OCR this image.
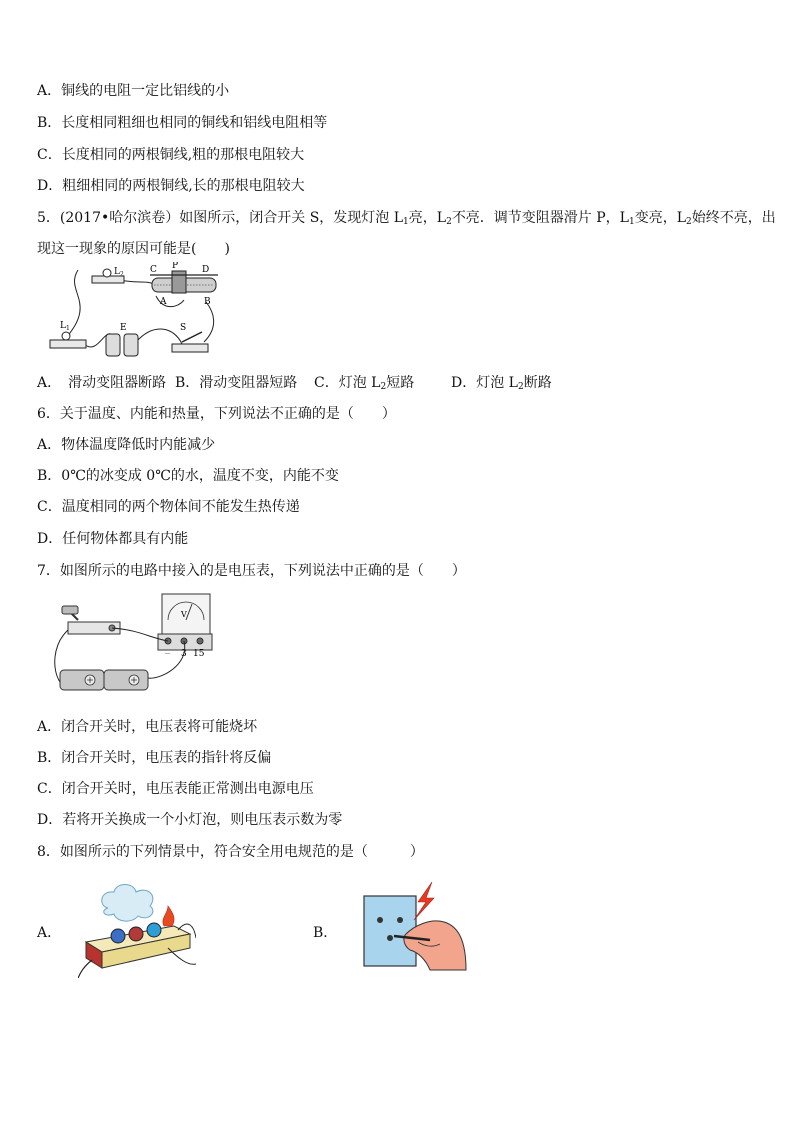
A．铜线的电阻一定比铝线的小
B．长度相同粗细也相同的铜线和铝线电阻相等
C．长度相同的两根铜线,粗的那根电阻较大
D．粗细相同的两根铜线,长的那根电阻较大
5．(2017•哈尔滨卷）如图所示，闭合开关 S，发现灯泡 $L_1$亮，$L_2$不亮．调节变阻器滑片 P，$L_1$变亮，$L_2$始终不亮，出
现这一现象的原因可能是(　　)
$L_2$	C P	D
A	B
$L_1$	E	S
A．　滑动变阻器断路 B．滑动变阻器短路 C．灯泡 $L_2$短路	D．灯泡 $L_2$断路
6．关于温度、内能和热量，下列说法不正确的是（　　）
A．物体温度降低时内能减少
B．0℃的冰变成 0℃的水，温度不变，内能不变
C．温度相同的两个物体间不能发生热传递
D．任何物体都具有内能
7．如图所示的电路中接入的是电压表，下列说法中正确的是（　　）
V
－ 3 15
A．闭合开关时，电压表将可能烧坏
B．闭合开关时，电压表的指针将反偏
C．闭合开关时，电压表能正常测出电源电压
D．若将开关换成一个小灯泡，则电压表示数为零
8．如图所示的下列情景中，符合安全用电规范的是（　　　）
A．	B．
